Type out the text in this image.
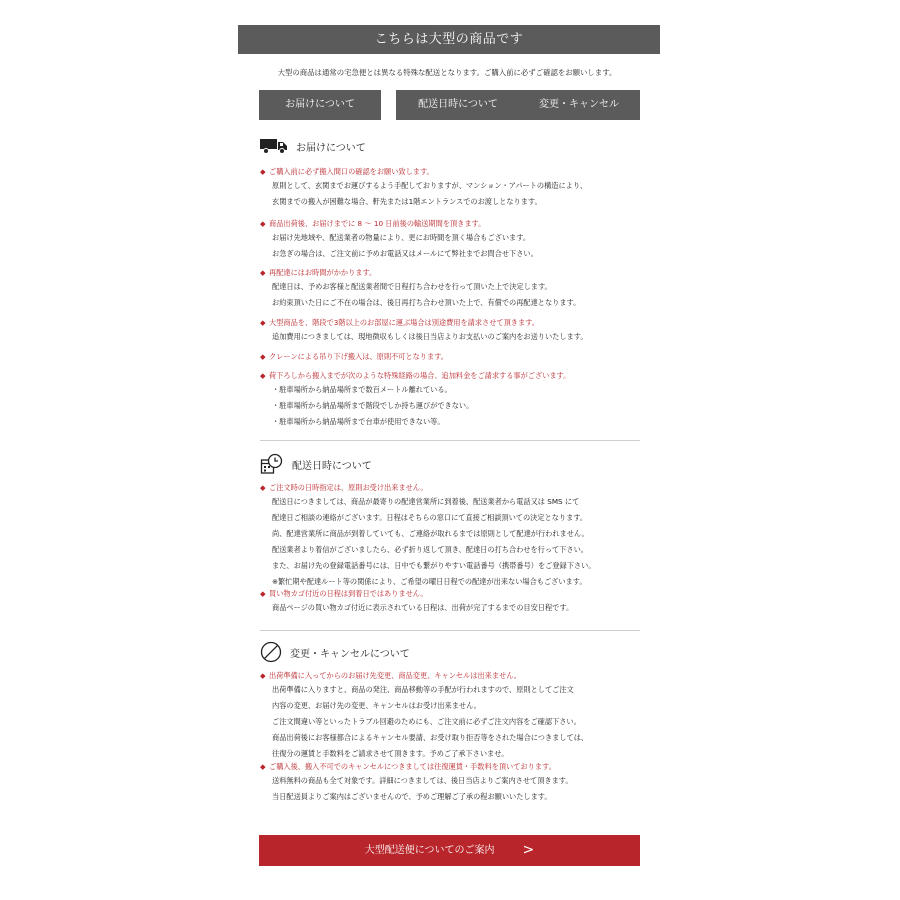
こちらは大型の商品です
大型の商品は通常の宅急便とは異なる特殊な配送となります。ご購入前に必ずご確認をお願いします。
お届けについて	配送日時について	変更・キャンセル
お届けについて
◆ ご購入前に必ず搬入間口の確認をお願い致します。
原則として、玄関までお運びするよう手配しておりますが、マンション・アパートの構造により、
玄関までの搬入が困難な場合、軒先または1階エントランスでのお渡しとなります。
◆ 商品出荷後、お届けまでに 8 ～ 10 日前後の輸送期間を頂きます。
お届け先地域や、配送業者の物量により、更にお時間を頂く場合もございます。
お急ぎの場合は、ご注文前に予めお電話又はメールにて弊社までお問合せ下さい。
◆ 再配達にはお時間がかかります。
配達日は、予めお客様と配送業者間で日程打ち合わせを行って頂いた上で決定します。
お約束頂いた日にご不在の場合は、後日再打ち合わせ頂いた上で、有償での再配達となります。
◆ 大型商品を、階段で3階以上のお部屋に運ぶ場合は別途費用を請求させて頂きます。
追加費用につきましては、現地徴収もしくは後日当店よりお支払いのご案内をお送りいたします。
◆ クレーンによる吊り下げ搬入は、原則不可となります。
◆ 荷下ろしから搬入までが次のような特殊経路の場合、追加料金をご請求する事がございます。
・駐車場所から納品場所まで数百メートル離れている。
・駐車場所から納品場所まで階段でしか持ち運びができない。
・駐車場所から納品場所まで台車が使用できない等。
配送日時について
◆ ご注文時の日時指定は、原則お受け出来ません。
配送日につきましては、商品が最寄りの配達営業所に到着後、配送業者から電話又は SMS にて
配達日ご相談の連絡がございます。日程はそちらの窓口にて直接ご相談頂いての決定となります。
尚、配達営業所に商品が到着していても、ご連絡が取れるまでは原則として配達が行われません。
配送業者より着信がございましたら、必ず折り返して頂き、配達日の打ち合わせを行って下さい。
また、お届け先の登録電話番号には、日中でも繋がりやすい電話番号（携帯番号）をご登録下さい。
※繁忙期や配達ルート等の関係により、ご希望の曜日日程での配達が出来ない場合もございます。
◆ 買い物カゴ付近の日程は到着日ではありません。
商品ページの買い物カゴ付近に表示されている日程は、出荷が完了するまでの目安日程です。
変更・キャンセルについて
◆ 出荷準備に入ってからのお届け先変更、商品変更、キャンセルは出来ません。
出荷準備に入りますと、商品の発注、商品移動等の手配が行われますので、原則としてご注文
内容の変更、お届け先の変更、キャンセルはお受け出来ません。
ご注文間違い等といったトラブル回避のためにも、ご注文前に必ずご注文内容をご確認下さい。
商品出荷後にお客様都合によるキャンセル要請、お受け取り拒否等をされた場合につきましては、
往復分の運賃と手数料をご請求させて頂きます。予めご了承下さいませ。
◆ ご購入後、搬入不可でのキャンセルにつきましては往復運賃・手数料を頂いております。
送料無料の商品も全て対象です。詳細につきましては、後日当店よりご案内させて頂きます。
当日配送員よりご案内はございませんので、予めご理解ご了承の程お願いいたします。
大型配送便についてのご案内 >
